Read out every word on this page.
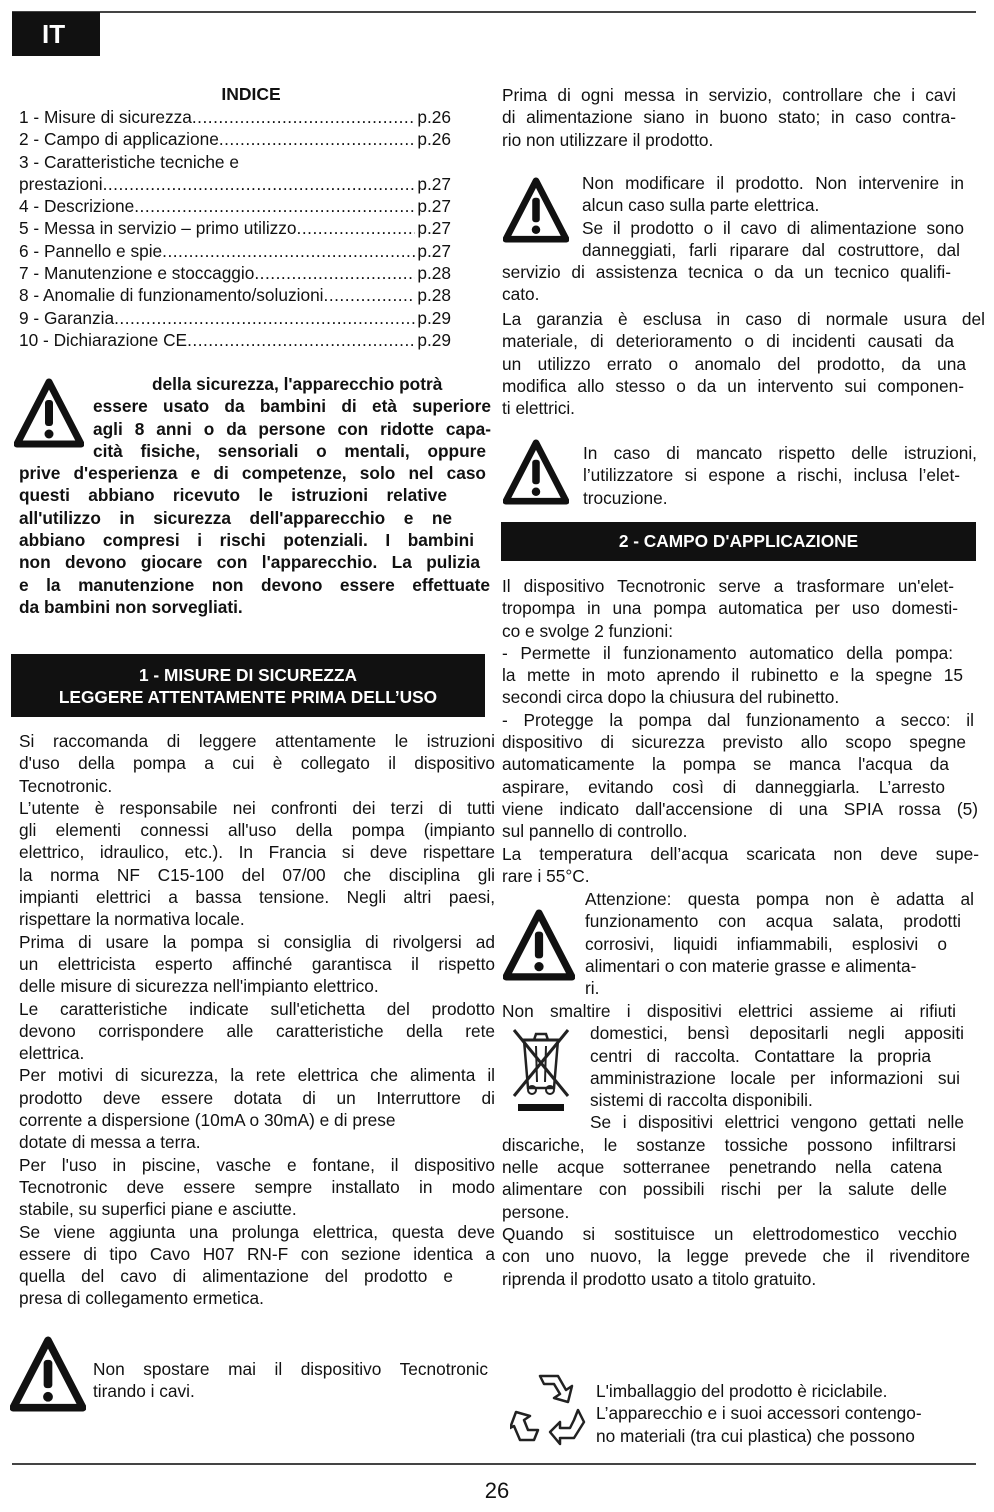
IT
INDICE
1 - Misure di sicurezza .....	p.26
2 - Campo di applicazione .....	p.26
3 - Caratteristiche tecniche e
prestazioni .....	p.27
4 - Descrizione .....	p.27
5 - Messa in servizio – primo utilizzo .....	p.27
6 - Pannello e spie .....	p.27
7 - Manutenzione e stoccaggio .....	p.28
8 - Anomalie di funzionamento/soluzioni .....	p.28
9 - Garanzia .....	p.29
10 - Dichiarazione CE .....	p.29
della sicurezza, l'apparecchio potrà
essere usato da bambini di età superiore
agli 8 anni o da persone con ridotte capa-
cità fisiche, sensoriali o mentali, oppure
prive d'esperienza e di competenze, solo nel caso
questi abbiano ricevuto le istruzioni relative
all'utilizzo in sicurezza dell'apparecchio e ne
abbiano compresi i rischi potenziali. I bambini
non devono giocare con l'apparecchio. La pulizia
e la manutenzione non devono essere effettuate
da bambini non sorvegliati.
1 - MISURE DI SICUREZZA
LEGGERE ATTENTAMENTE PRIMA DELL’USO
Si raccomanda di leggere attentamente le istruzioni
d'uso della pompa a cui è collegato il dispositivo
Tecnotronic.
L’utente è responsabile nei confronti dei terzi di tutti
gli elementi connessi all'uso della pompa (impianto
elettrico, idraulico, etc.). In Francia si deve rispettare
la norma NF C15-100 del 07/00 che disciplina gli
impianti elettrici a bassa tensione. Negli altri paesi,
rispettare la normativa locale.
Prima di usare la pompa si consiglia di rivolgersi ad
un elettricista esperto affinché garantisca il rispetto
delle misure di sicurezza nell'impianto elettrico.
Le caratteristiche indicate sull'etichetta del prodotto
devono corrispondere alle caratteristiche della rete
elettrica.
Per motivi di sicurezza, la rete elettrica che alimenta il
prodotto deve essere dotata di un Interruttore di
corrente a dispersione (10mA o 30mA) e di prese
dotate di messa a terra.
Per l'uso in piscine, vasche e fontane, il dispositivo
Tecnotronic deve essere sempre installato in modo
stabile, su superfici piane e asciutte.
Se viene aggiunta una prolunga elettrica, questa deve
essere di tipo Cavo H07 RN-F con sezione identica a
quella del cavo di alimentazione del prodotto e
presa di collegamento ermetica.
Non spostare mai il dispositivo Tecnotronic
tirando i cavi.
Prima di ogni messa in servizio, controllare che i cavi
di alimentazione siano in buono stato; in caso contra-
rio non utilizzare il prodotto.
Non modificare il prodotto. Non intervenire in
alcun caso sulla parte elettrica.
Se il prodotto o il cavo di alimentazione sono
danneggiati, farli riparare dal costruttore, dal
servizio di assistenza tecnica o da un tecnico qualifi-
cato.
La garanzia è esclusa in caso di normale usura del
materiale, di deterioramento o di incidenti causati da
un utilizzo errato o anomalo del prodotto, da una
modifica allo stesso o da un intervento sui componen-
ti elettrici.
In caso di mancato rispetto delle istruzioni,
l’utilizzatore si espone a rischi, inclusa l’elet-
trocuzione.
2 - CAMPO D'APPLICAZIONE
Il dispositivo Tecnotronic serve a trasformare un'elet-
tropompa in una pompa automatica per uso domesti-
co e svolge 2 funzioni:
- Permette il funzionamento automatico della pompa:
la mette in moto aprendo il rubinetto e la spegne 15
secondi circa dopo la chiusura del rubinetto.
- Protegge la pompa dal funzionamento a secco: il
dispositivo di sicurezza previsto allo scopo spegne
automaticamente la pompa se manca l'acqua da
aspirare, evitando così di danneggiarla. L’arresto
viene indicato dall'accensione di una SPIA rossa (5)
sul pannello di controllo.
La temperatura dell’acqua scaricata non deve supe-
rare i 55°C.
Attenzione: questa pompa non è adatta al
funzionamento con acqua salata, prodotti
corrosivi, liquidi infiammabili, esplosivi o
alimentari o con materie grasse e alimenta-
ri.
Non smaltire i dispositivi elettrici assieme ai rifiuti
domestici, bensì depositarli negli appositi
centri di raccolta. Contattare la propria
amministrazione locale per informazioni sui
sistemi di raccolta disponibili.
Se i dispositivi elettrici vengono gettati nelle
discariche, le sostanze tossiche possono infiltrarsi
nelle acque sotterranee penetrando nella catena
alimentare con possibili rischi per la salute delle
persone.
Quando si sostituisce un elettrodomestico vecchio
con uno nuovo, la legge prevede che il rivenditore
riprenda il prodotto usato a titolo gratuito.
L'imballaggio del prodotto è riciclabile.
L’apparecchio e i suoi accessori contengo-
no materiali (tra cui plastica) che possono
26
